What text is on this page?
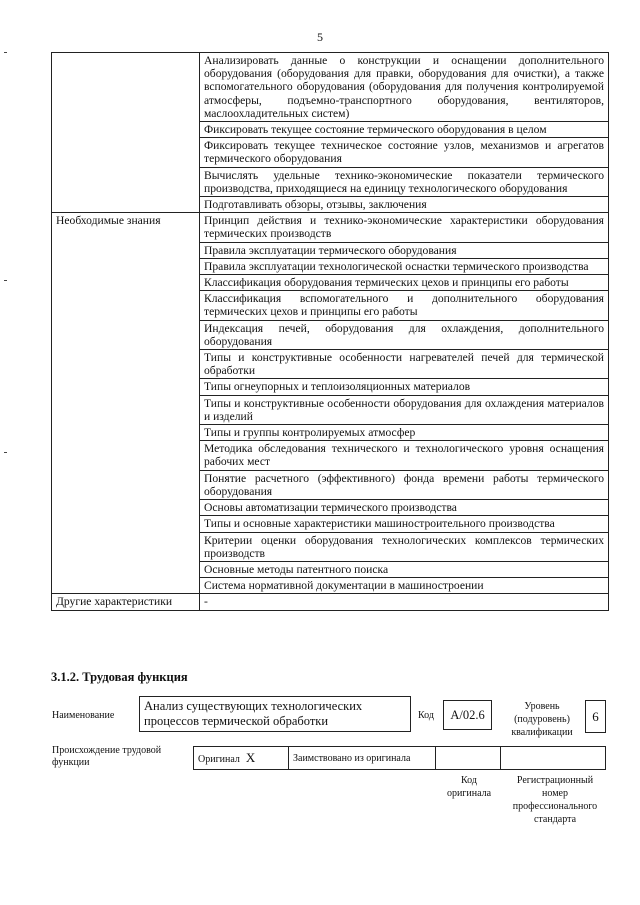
5
	Анализировать данные о конструкции и оснащении дополнительного оборудования (оборудования для правки, оборудования для очистки), а также вспомогательного оборудования (оборудования для получения контролируемой атмосферы, подъемно-транспортного оборудования, вентиляторов, маслоохладительных систем)
	Фиксировать текущее состояние термического оборудования в целом
	Фиксировать текущее техническое состояние узлов, механизмов и агрегатов термического оборудования
	Вычислять удельные технико-экономические показатели термического производства, приходящиеся на единицу технологического оборудования
	Подготавливать обзоры, отзывы, заключения
Необходимые знания	Принцип действия и технико-экономические характеристики оборудования термических производств
	Правила эксплуатации термического оборудования
	Правила эксплуатации технологической оснастки термического производства
	Классификация оборудования термических цехов и принципы его работы
	Классификация вспомогательного и дополнительного оборудования термических цехов и принципы его работы
	Индексация печей, оборудования для охлаждения, дополнительного оборудования
	Типы и конструктивные особенности нагревателей печей для термической обработки
	Типы огнеупорных и теплоизоляционных материалов
	Типы и конструктивные особенности оборудования для охлаждения материалов и изделий
	Типы и группы контролируемых атмосфер
	Методика обследования технического и технологического уровня оснащения рабочих мест
	Понятие расчетного (эффективного) фонда времени работы термического оборудования
	Основы автоматизации термического производства
	Типы и основные характеристики машиностроительного производства
	Критерии оценки оборудования технологических комплексов термических производств
	Основные методы патентного поиска
	Система нормативной документации в машиностроении
Другие характеристики	-
3.1.2. Трудовая функция
Наименование
Анализ существующих технологических процессов термической обработки	Код	A/02.6
Уровень (подуровень) квалификации
6
Происхождение трудовой функции	Оригинал X	Заимствовано из оригинала		
Код оригинала
Регистрационный номер профессионального стандарта
